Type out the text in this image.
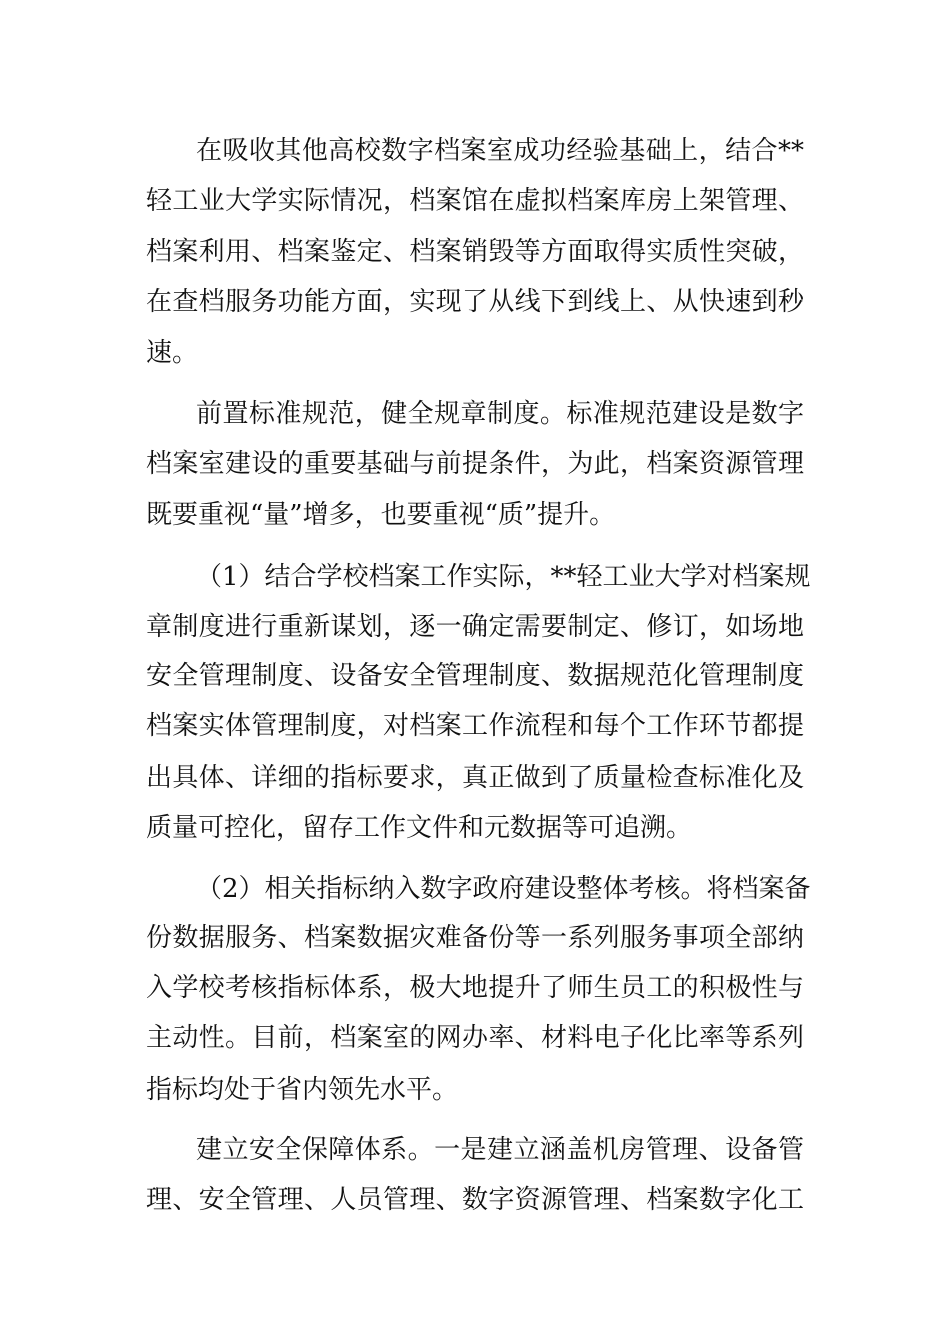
在吸收其他高校数字档案室成功经验基础上，结合**

轻工业大学实际情况，档案馆在虚拟档案库房上架管理、

档案利用、档案鉴定、档案销毁等方面取得实质性突破，

在查档服务功能方面，实现了从线下到线上、从快速到秒

速。

前置标准规范，健全规章制度。标准规范建设是数字

档案室建设的重要基础与前提条件，为此，档案资源管理

既要重视“量”增多，也要重视“质”提升。

（1）结合学校档案工作实际，**轻工业大学对档案规

章制度进行重新谋划，逐一确定需要制定、修订，如场地

安全管理制度、设备安全管理制度、数据规范化管理制度

档案实体管理制度，对档案工作流程和每个工作环节都提

出具体、详细的指标要求，真正做到了质量检查标准化及

质量可控化，留存工作文件和元数据等可追溯。

（2）相关指标纳入数字政府建设整体考核。将档案备

份数据服务、档案数据灾难备份等一系列服务事项全部纳

入学校考核指标体系，极大地提升了师生员工的积极性与

主动性。目前，档案室的网办率、材料电子化比率等系列

指标均处于省内领先水平。

建立安全保障体系。一是建立涵盖机房管理、设备管

理、安全管理、人员管理、数字资源管理、档案数字化工
